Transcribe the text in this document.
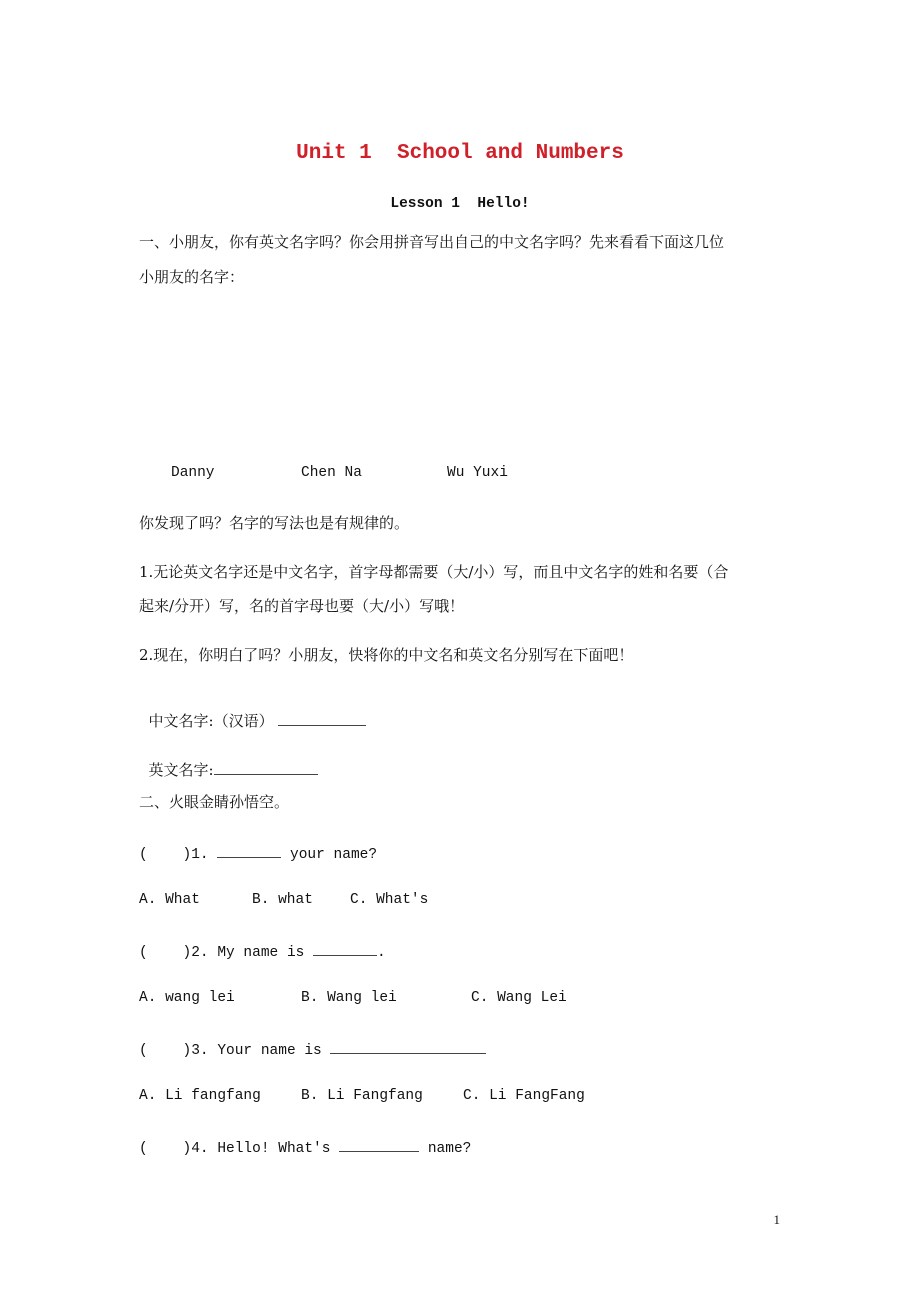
Unit 1  School and Numbers
Lesson 1  Hello!
一、小朋友，你有英文名字吗？你会用拼音写出自己的中文名字吗？先来看看下面这几位
小朋友的名字：
Danny	Chen Na	Wu Yuxi
你发现了吗？名字的写法也是有规律的。
1.无论英文名字还是中文名字，首字母都需要（大/小）写，而且中文名字的姓和名要（合
起来/分开）写，名的首字母也要（大/小）写哦！
2.现在，你明白了吗？小朋友，快将你的中文名和英文名分别写在下面吧！

中文名字:（汉语）

英文名字:

二、火眼金睛孙悟空。
(    )1.	your name?
A. What	B. what	C. What's
(    )2. My name is	.
A. wang lei	B. Wang lei	C. Wang Lei
(    )3. Your name is
A. Li fangfang	B. Li Fangfang	C. Li FangFang
(    )4. Hello! What's	name?
1
